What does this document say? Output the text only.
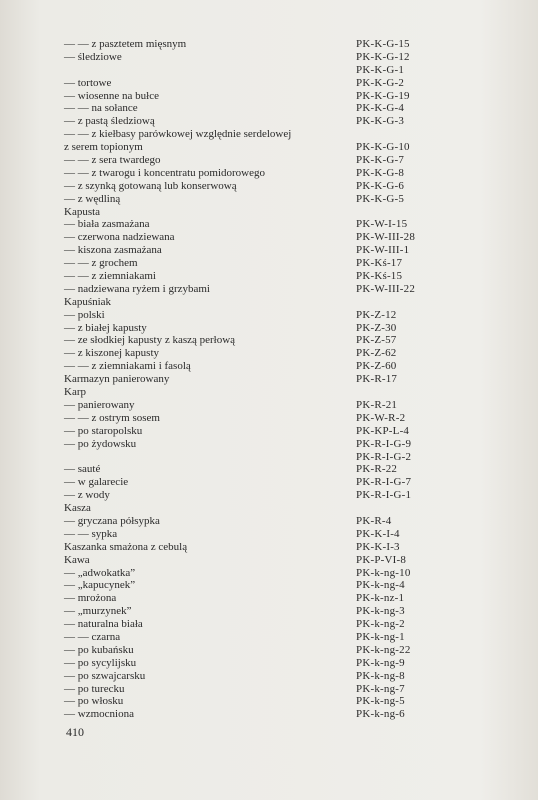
— — z pasztetem mięsnym	PK-K-G-15
— śledziowe	PK-K-G-12
PK-K-G-1
— tortowe	PK-K-G-2
— wiosenne na bułce	PK-K-G-19
— — na sołance	PK-K-G-4
— z pastą śledziową	PK-K-G-3
— — z kiełbasy parówkowej względnie serdelowej
z serem topionym	PK-K-G-10
— — z sera twardego	PK-K-G-7
— — z twarogu i koncentratu pomidorowego	PK-K-G-8
— z szynką gotowaną lub konserwową	PK-K-G-6
— z wędliną	PK-K-G-5
Kapusta
— biała zasmażana	PK-W-I-15
— czerwona nadziewana	PK-W-III-28
— kiszona zasmażana	PK-W-III-1
— — z grochem	PK-Kś-17
— — z ziemniakami	PK-Kś-15
— nadziewana ryżem i grzybami	PK-W-III-22
Kapuśniak
— polski	PK-Z-12
— z białej kapusty	PK-Z-30
— ze słodkiej kapusty z kaszą perłową	PK-Z-57
— z kiszonej kapusty	PK-Z-62
— — z ziemniakami i fasolą	PK-Z-60
Karmazyn panierowany	PK-R-17
Karp
— panierowany	PK-R-21
— — z ostrym sosem	PK-W-R-2
— po staropolsku	PK-KP-L-4
— po żydowsku	PK-R-I-G-9
PK-R-I-G-2
— sauté	PK-R-22
— w galarecie	PK-R-I-G-7
— z wody	PK-R-I-G-1
Kasza
— gryczana półsypka	PK-R-4
— — sypka	PK-K-I-4
Kaszanka smażona z cebulą	PK-K-I-3
Kawa	PK-P-VI-8
— „adwokatka”	PK-k-ng-10
— „kapucynek”	PK-k-ng-4
— mrożona	PK-k-nz-1
— „murzynek”	PK-k-ng-3
— naturalna biała	PK-k-ng-2
— — czarna	PK-k-ng-1
— po kubańsku	PK-k-ng-22
— po sycylijsku	PK-k-ng-9
— po szwajcarsku	PK-k-ng-8
— po turecku	PK-k-ng-7
— po włosku	PK-k-ng-5
— wzmocniona	PK-k-ng-6
410
